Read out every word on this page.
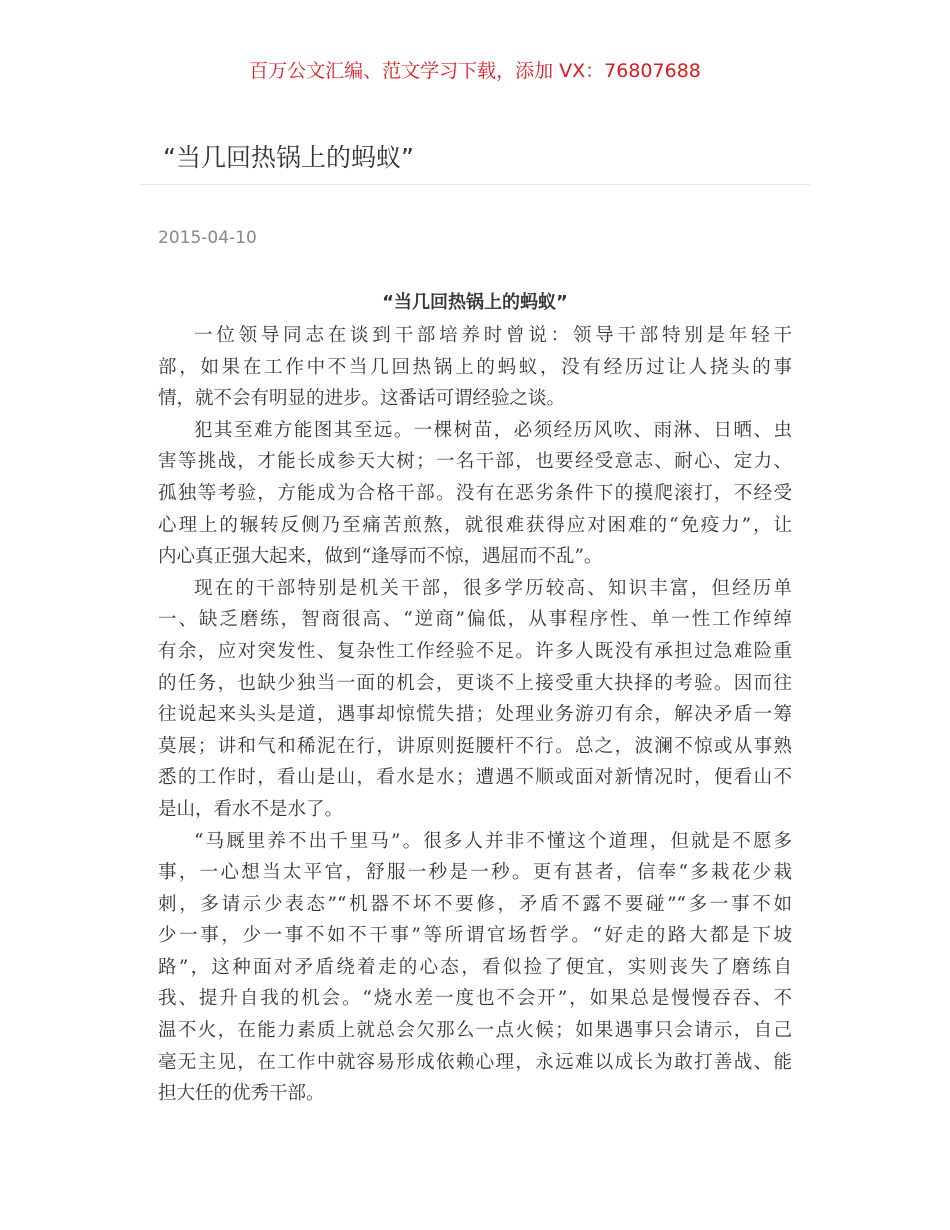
百万公文汇编、范文学习下载，添加 VX：76807688
“当几回热锅上的蚂蚁”
2015-04-10
“当几回热锅上的蚂蚁”
一位领导同志在谈到干部培养时曾说：领导干部特别是年轻干
部，如果在工作中不当几回热锅上的蚂蚁，没有经历过让人挠头的事
情，就不会有明显的进步。这番话可谓经验之谈。
犯其至难方能图其至远。一棵树苗，必须经历风吹、雨淋、日晒、虫
害等挑战，才能长成参天大树；一名干部，也要经受意志、耐心、定力、
孤独等考验，方能成为合格干部。没有在恶劣条件下的摸爬滚打，不经受
心理上的辗转反侧乃至痛苦煎熬，就很难获得应对困难的“免疫力”，让
内心真正强大起来，做到“逢辱而不惊，遇屈而不乱”。
现在的干部特别是机关干部，很多学历较高、知识丰富，但经历单
一、缺乏磨练，智商很高、“逆商”偏低，从事程序性、单一性工作绰绰
有余，应对突发性、复杂性工作经验不足。许多人既没有承担过急难险重
的任务，也缺少独当一面的机会，更谈不上接受重大抉择的考验。因而往
往说起来头头是道，遇事却惊慌失措；处理业务游刃有余，解决矛盾一筹
莫展；讲和气和稀泥在行，讲原则挺腰杆不行。总之，波澜不惊或从事熟
悉的工作时，看山是山，看水是水；遭遇不顺或面对新情况时，便看山不
是山，看水不是水了。
“马厩里养不出千里马”。很多人并非不懂这个道理，但就是不愿多
事，一心想当太平官，舒服一秒是一秒。更有甚者，信奉“多栽花少栽
刺，多请示少表态”“机器不坏不要修，矛盾不露不要碰”“多一事不如
少一事，少一事不如不干事”等所谓官场哲学。“好走的路大都是下坡
路”，这种面对矛盾绕着走的心态，看似捡了便宜，实则丧失了磨练自
我、提升自我的机会。“烧水差一度也不会开”，如果总是慢慢吞吞、不
温不火，在能力素质上就总会欠那么一点火候；如果遇事只会请示，自己
毫无主见，在工作中就容易形成依赖心理，永远难以成长为敢打善战、能
担大任的优秀干部。
